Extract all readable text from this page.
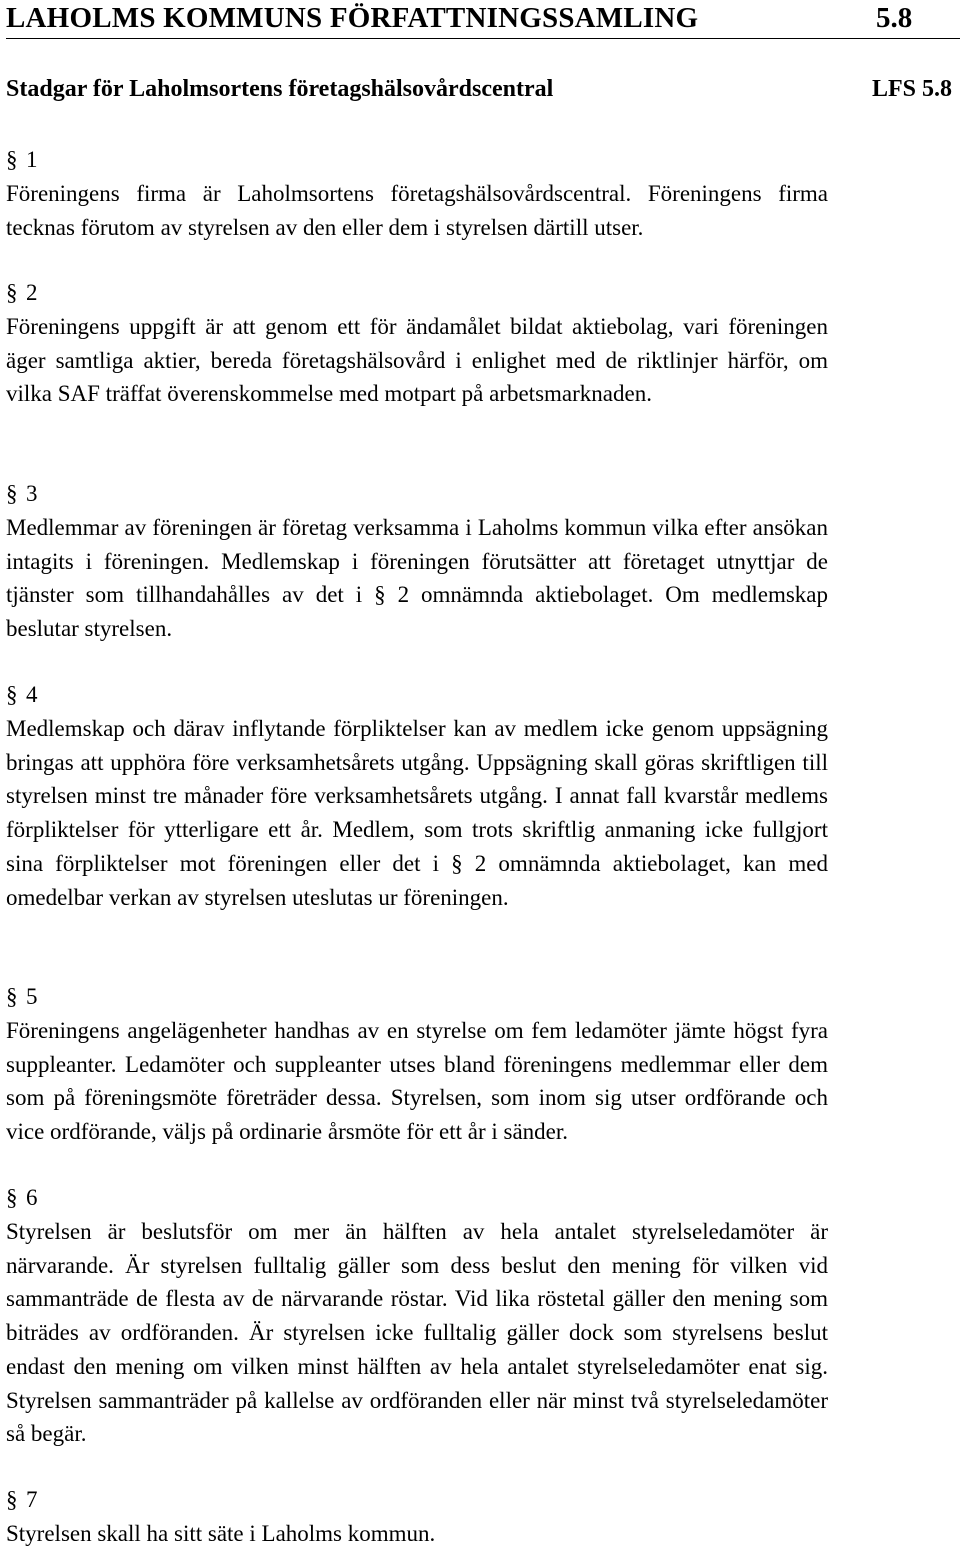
LAHOLMS KOMMUNS FÖRFATTNINGSSAMLING	5.8
Stadgar för Laholmsortens företagshälsovårdscentral	LFS 5.8
§ 1

Föreningens firma är Laholmsortens företagshälsovårdscentral. Föreningens firma tecknas förutom av styrelsen av den eller dem i styrelsen därtill utser.

§ 2

Föreningens uppgift är att genom ett för ändamålet bildat aktiebolag, vari föreningen äger samtliga aktier, bereda företagshälsovård i enlighet med de riktlinjer härför, om vilka SAF träffat överenskommelse med motpart på arbetsmarknaden.

§ 3

Medlemmar av föreningen är företag verksamma i Laholms kommun vilka efter ansökan intagits i föreningen. Medlemskap i föreningen förutsätter att företaget utnyttjar de tjänster som tillhandahålles av det i § 2 omnämnda aktiebolaget. Om medlemskap beslutar styrelsen.

§ 4

Medlemskap och därav inflytande förpliktelser kan av medlem icke genom uppsägning bringas att upphöra före verksamhetsårets utgång. Uppsägning skall göras skriftligen till styrelsen minst tre månader före verksamhetsårets utgång. I annat fall kvarstår medlems förpliktelser för ytterligare ett år. Medlem, som trots skriftlig anmaning icke fullgjort sina förpliktelser mot föreningen eller det i § 2 omnämnda aktiebolaget, kan med omedelbar verkan av styrelsen uteslutas ur föreningen.

§ 5

Föreningens angelägenheter handhas av en styrelse om fem ledamöter jämte högst fyra suppleanter. Ledamöter och suppleanter utses bland föreningens medlemmar eller dem som på föreningsmöte företräder dessa. Styrelsen, som inom sig utser ordförande och vice ordförande, väljs på ordinarie årsmöte för ett år i sänder.

§ 6

Styrelsen är beslutsför om mer än hälften av hela antalet styrelseledamöter är närvarande. Är styrelsen fulltalig gäller som dess beslut den mening för vilken vid sammanträde de flesta av de närvarande röstar. Vid lika röstetal gäller den mening som biträdes av ordföranden. Är styrelsen icke fulltalig gäller dock som styrelsens beslut endast den mening om vilken minst hälften av hela antalet styrelseledamöter enat sig. Styrelsen sammanträder på kallelse av ordföranden eller när minst två styrelseledamöter så begär.

§ 7

Styrelsen skall ha sitt säte i Laholms kommun.
